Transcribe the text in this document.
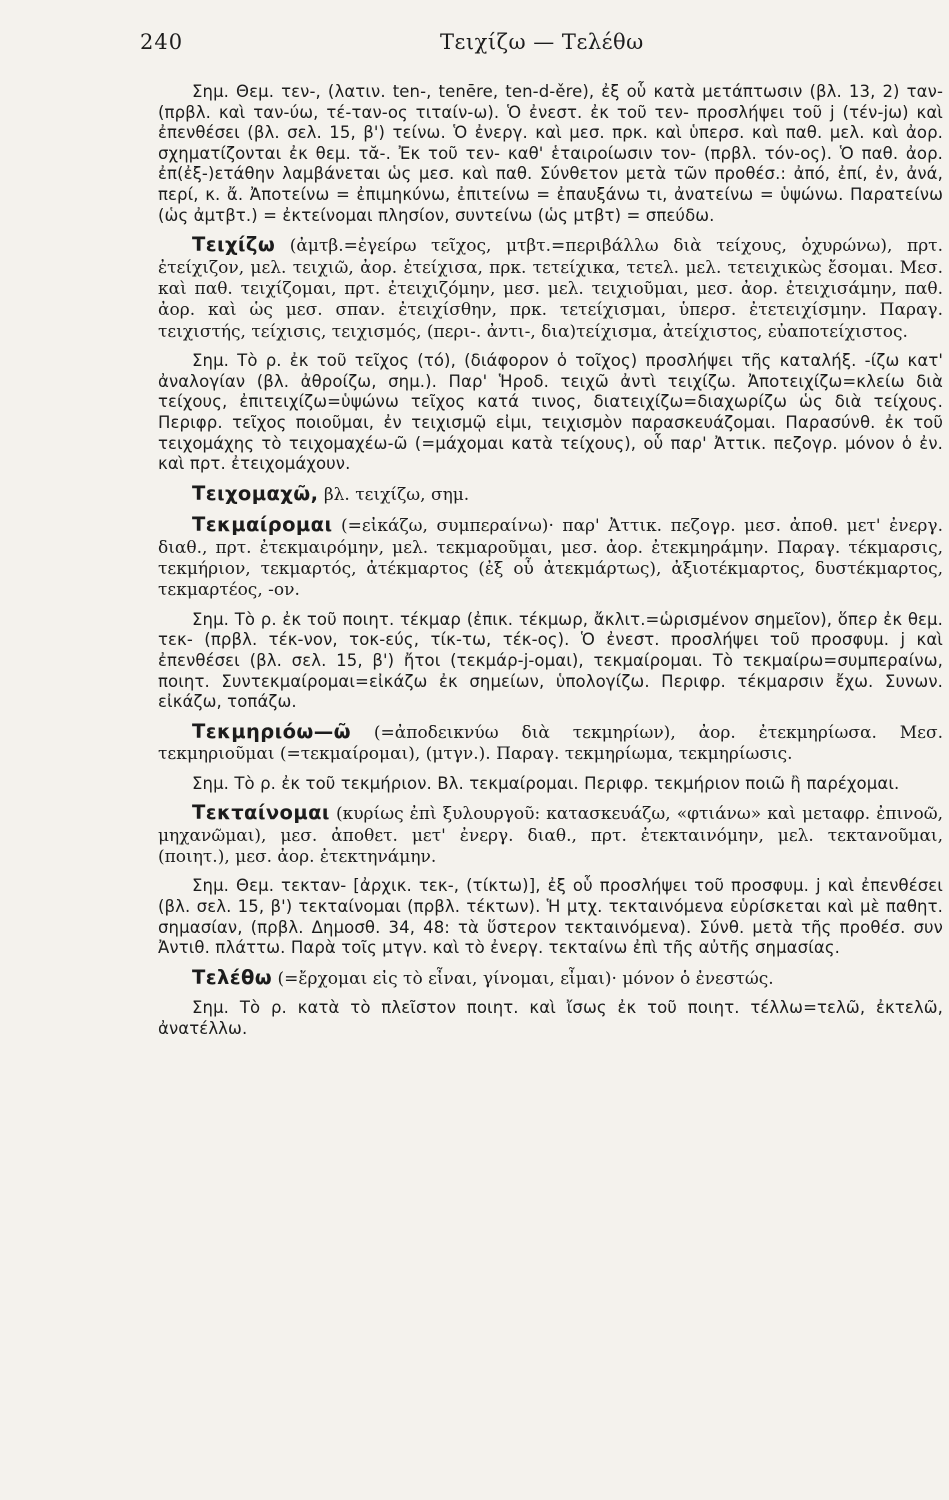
240	Τειχίζω — Τελέθω

Σημ. Θεμ. τεν-, (λατιν. ten-, tenēre, ten-d-ěre), ἐξ οὗ κατὰ μετάπτωσιν (βλ. 13, 2) ταν- (πρβλ. καὶ ταν-ύω, τέ-ταν-ος τιταίν-ω). Ὁ ἐνεστ. ἐκ τοῦ τεν- προσλήψει τοῦ j (τέν-jω) καὶ ἐπενθέσει (βλ. σελ. 15, β') τείνω. Ὁ ἐνεργ. καὶ μεσ. πρκ. καὶ ὑπερσ. καὶ παθ. μελ. καὶ ἀορ. σχηματίζονται ἐκ θεμ. τᾰ-. Ἐκ τοῦ τεν- καθ' ἑταιροίωσιν τον- (πρβλ. τόν-ος). Ὁ παθ. ἀορ. ἐπ(ἐξ-)ετάθην λαμβάνεται ὡς μεσ. καὶ παθ. Σύνθετον μετὰ τῶν προθέσ.: ἀπό, ἐπί, ἐν, ἀνά, περί, κ. ἄ. Ἀποτείνω = ἐπιμηκύνω, ἐπιτείνω = ἐπαυξάνω τι, ἀνατείνω = ὑψώνω. Παρατείνω (ὡς ἀμτβτ.) = ἐκτείνομαι πλησίον, συντείνω (ὡς μτβτ) = σπεύδω.

Τειχίζω (ἀμτβ.=ἐγείρω τεῖχος, μτβτ.=περιβάλλω διὰ τείχους, ὀχυρώνω), πρτ. ἐτείχιζον, μελ. τειχιῶ, ἀορ. ἐτείχισα, πρκ. τετείχικα, τετελ. μελ. τετειχικὼς ἔσομαι. Μεσ. καὶ παθ. τειχίζομαι, πρτ. ἐτειχιζόμην, μεσ. μελ. τειχιοῦμαι, μεσ. ἀορ. ἐτειχισάμην, παθ. ἀορ. καὶ ὡς μεσ. σπαν. ἐτειχίσθην, πρκ. τετείχισμαι, ὑπερσ. ἐτετειχίσμην. Παραγ. τειχιστής, τείχισις, τειχισμός, (περι-. ἀντι-, δια)τείχισμα, ἀτείχιστος, εὐαποτείχιστος.

Σημ. Τὸ ρ. ἐκ τοῦ τεῖχος (τό), (διάφορον ὁ τοῖχος) προσλήψει τῆς καταλήξ. -ίζω κατ' ἀναλογίαν (βλ. ἀθροίζω, σημ.). Παρ' Ἡροδ. τειχῶ ἀντὶ τειχίζω. Ἀποτειχίζω=κλείω διὰ τείχους, ἐπιτειχίζω=ὑψώνω τεῖχος κατά τινος, διατειχίζω=διαχωρίζω ὡς διὰ τείχους. Περιφρ. τεῖχος ποιοῦμαι, ἐν τειχισμῷ εἰμι, τειχισμὸν παρασκευάζομαι. Παρασύνθ. ἐκ τοῦ τειχομάχης τὸ τειχομαχέω-ῶ (=μάχομαι κατὰ τείχους), οὗ παρ' Ἀττικ. πεζογρ. μόνον ὁ ἐν. καὶ πρτ. ἐτειχομάχουν.

Τειχομαχῶ, βλ. τειχίζω, σημ.

Τεκμαίρομαι (=εἰκάζω, συμπεραίνω)· παρ' Ἀττικ. πεζογρ. μεσ. ἀποθ. μετ' ἐνεργ. διαθ., πρτ. ἐτεκμαιρόμην, μελ. τεκμαροῦμαι, μεσ. ἀορ. ἐτεκμηράμην. Παραγ. τέκμαρσις, τεκμήριον, τεκμαρτός, ἀτέκμαρτος (ἐξ οὗ ἀτεκμάρτως), ἀξιοτέκμαρτος, δυστέκμαρτος, τεκμαρτέος, -ον.

Σημ. Τὸ ρ. ἐκ τοῦ ποιητ. τέκμαρ (ἐπικ. τέκμωρ, ἄκλιτ.=ὡρισμένον σημεῖον), ὅπερ ἐκ θεμ. τεκ- (πρβλ. τέκ-νον, τοκ-εύς, τίκ-τω, τέκ-ος). Ὁ ἐνεστ. προσλήψει τοῦ προσφυμ. j καὶ ἐπενθέσει (βλ. σελ. 15, β') ἤτοι (τεκμάρ-j-ομαι), τεκμαίρομαι. Τὸ τεκμαίρω=συμπεραίνω, ποιητ. Συντεκμαίρομαι=εἰκάζω ἐκ σημείων, ὑπολογίζω. Περιφρ. τέκμαρσιν ἔχω. Συνων. εἰκάζω, τοπάζω.

Τεκμηριόω—ῶ (=ἀποδεικνύω διὰ τεκμηρίων), ἀορ. ἐτεκμηρίωσα. Μεσ. τεκμηριοῦμαι (=τεκμαίρομαι), (μτγν.). Παραγ. τεκμηρίωμα, τεκμηρίωσις.

Σημ. Τὸ ρ. ἐκ τοῦ τεκμήριον. Βλ. τεκμαίρομαι. Περιφρ. τεκμήριον ποιῶ ἢ παρέχομαι.

Τεκταίνομαι (κυρίως ἐπὶ ξυλουργοῦ: κατασκευάζω, «φτιάνω» καὶ μεταφρ. ἐπινοῶ, μηχανῶμαι), μεσ. ἀποθετ. μετ' ἐνεργ. διαθ., πρτ. ἐτεκταινόμην, μελ. τεκτανοῦμαι, (ποιητ.), μεσ. ἀορ. ἐτεκτηνάμην.

Σημ. Θεμ. τεκταν- [ἀρχικ. τεκ-, (τίκτω)], ἐξ οὗ προσλήψει τοῦ προσφυμ. j καὶ ἐπενθέσει (βλ. σελ. 15, β') τεκταίνομαι (πρβλ. τέκτων). Ἡ μτχ. τεκταινόμενα εὑρίσκεται καὶ μὲ παθητ. σημασίαν, (πρβλ. Δημοσθ. 34, 48: τὰ ὕστερον τεκταινόμενα). Σύνθ. μετὰ τῆς προθέσ. συν Ἀντιθ. πλάττω. Παρὰ τοῖς μτγν. καὶ τὸ ἐνεργ. τεκταίνω ἐπὶ τῆς αὐτῆς σημασίας.

Τελέθω (=ἔρχομαι εἰς τὸ εἶναι, γίνομαι, εἶμαι)· μόνον ὁ ἐνεστώς.

Σημ. Τὸ ρ. κατὰ τὸ πλεῖστον ποιητ. καὶ ἴσως ἐκ τοῦ ποιητ. τέλλω=τελῶ, ἐκτελῶ, ἀνατέλλω.
